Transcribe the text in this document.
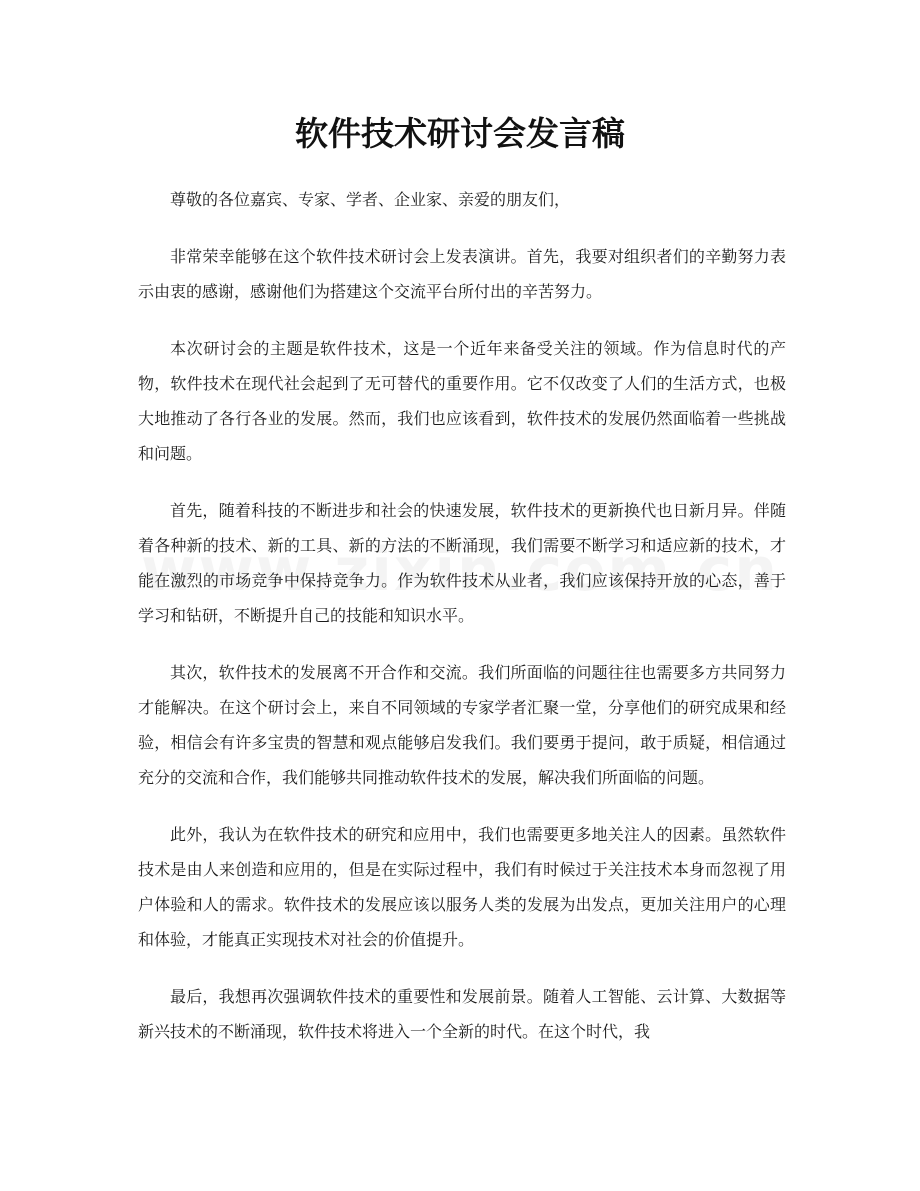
软件技术研讨会发言稿

尊敬的各位嘉宾、专家、学者、企业家、亲爱的朋友们，

非常荣幸能够在这个软件技术研讨会上发表演讲。首先，我要对组织者们的辛勤努力表示由衷的感谢，感谢他们为搭建这个交流平台所付出的辛苦努力。

本次研讨会的主题是软件技术，这是一个近年来备受关注的领域。作为信息时代的产物，软件技术在现代社会起到了无可替代的重要作用。它不仅改变了人们的生活方式，也极大地推动了各行各业的发展。然而，我们也应该看到，软件技术的发展仍然面临着一些挑战和问题。

首先，随着科技的不断进步和社会的快速发展，软件技术的更新换代也日新月异。伴随着各种新的技术、新的工具、新的方法的不断涌现，我们需要不断学习和适应新的技术，才能在激烈的市场竞争中保持竞争力。作为软件技术从业者，我们应该保持开放的心态，善于学习和钻研，不断提升自己的技能和知识水平。

其次，软件技术的发展离不开合作和交流。我们所面临的问题往往也需要多方共同努力才能解决。在这个研讨会上，来自不同领域的专家学者汇聚一堂，分享他们的研究成果和经验，相信会有许多宝贵的智慧和观点能够启发我们。我们要勇于提问，敢于质疑，相信通过充分的交流和合作，我们能够共同推动软件技术的发展，解决我们所面临的问题。

此外，我认为在软件技术的研究和应用中，我们也需要更多地关注人的因素。虽然软件技术是由人来创造和应用的，但是在实际过程中，我们有时候过于关注技术本身而忽视了用户体验和人的需求。软件技术的发展应该以服务人类的发展为出发点，更加关注用户的心理和体验，才能真正实现技术对社会的价值提升。

最后，我想再次强调软件技术的重要性和发展前景。随着人工智能、云计算、大数据等新兴技术的不断涌现，软件技术将进入一个全新的时代。在这个时代，我
